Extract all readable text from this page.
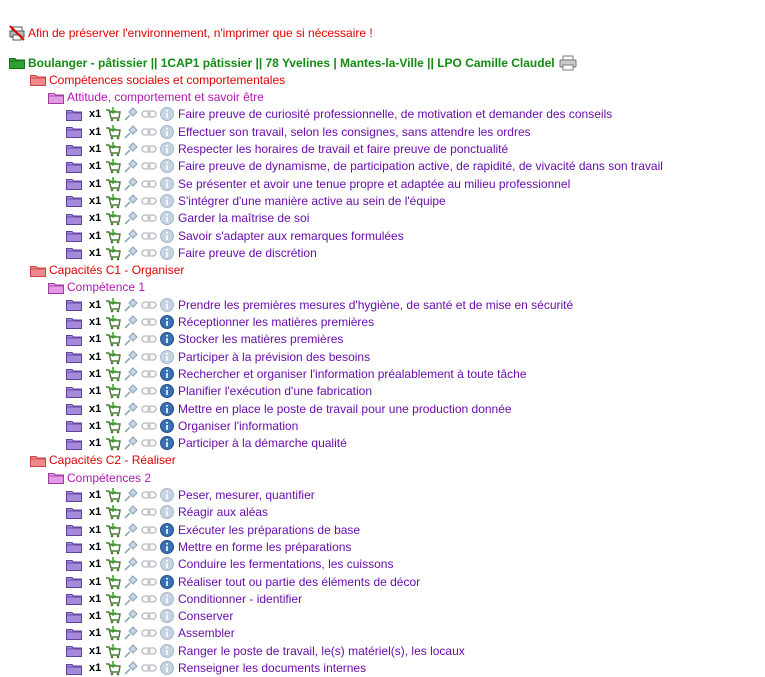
Afin de préserver l'environnement, n'imprimer que si nécessaire !
Boulanger - pâtissier || 1CAP1 pâtissier || 78 Yvelines | Mantes-la-Ville || LPO Camille Claudel
Compétences sociales et comportementales
Attitude, comportement et savoir être
x1	Faire preuve de curiosité professionnelle, de motivation et demander des conseils
x1	Effectuer son travail, selon les consignes, sans attendre les ordres
x1	Respecter les horaires de travail et faire preuve de ponctualité
x1	Faire preuve de dynamisme, de participation active, de rapidité, de vivacité dans son travail
x1	Se présenter et avoir une tenue propre et adaptée au milieu professionnel
x1	S'intégrer d'une manière active au sein de l'équipe
x1	Garder la maîtrise de soi
x1	Savoir s'adapter aux remarques formulées
x1	Faire preuve de discrétion
Capacités C1 - Organiser
Compétence 1
x1	Prendre les premières mesures d'hygiène, de santé et de mise en sécurité
x1	Réceptionner les matières premières
x1	Stocker les matières premières
x1	Participer à la prévision des besoins
x1	Rechercher et organiser l'information préalablement à toute tâche
x1	Planifier l'exécution d'une fabrication
x1	Mettre en place le poste de travail pour une production donnée
x1	Organiser l'information
x1	Participer à la démarche qualité
Capacités C2 - Réaliser
Compétences 2
x1	Peser, mesurer, quantifier
x1	Réagir aux aléas
x1	Exécuter les préparations de base
x1	Mettre en forme les préparations
x1	Conduire les fermentations, les cuissons
x1	Réaliser tout ou partie des éléments de décor
x1	Conditionner - identifier
x1	Conserver
x1	Assembler
x1	Ranger le poste de travail, le(s) matériel(s), les locaux
x1	Renseigner les documents internes
